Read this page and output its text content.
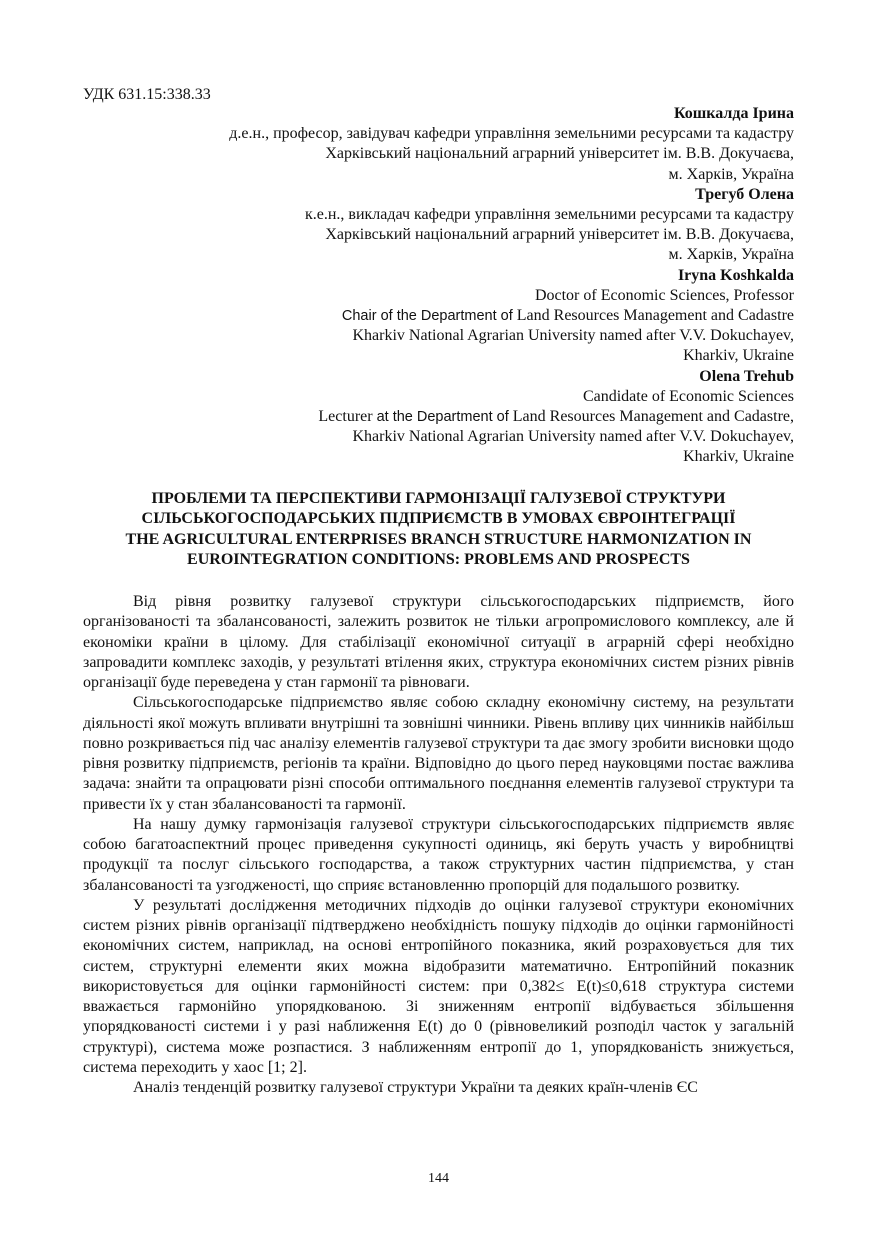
УДК 631.15:338.33
Кошкалда Ірина
д.е.н., професор, завідувач кафедри управління земельними ресурсами та кадастру
Харківський національний аграрний університет ім. В.В. Докучаєва,
м. Харків, Україна
Трегуб Олена
к.е.н., викладач кафедри управління земельними ресурсами та кадастру
Харківський національний аграрний університет ім. В.В. Докучаєва,
м. Харків, Україна
Iryna Koshkalda
Doctor of Economic Sciences, Professor
Chair of the Department of Land Resources Management and Cadastre
Kharkiv National Agrarian University named after V.V. Dokuchayev,
Kharkiv, Ukraine
Olena Trehub
Candidate of Economic Sciences
Lecturer at the Department of Land Resources Management and Cadastre,
Kharkiv National Agrarian University named after V.V. Dokuchayev,
Kharkiv, Ukraine
ПРОБЛЕМИ ТА ПЕРСПЕКТИВИ ГАРМОНІЗАЦІЇ ГАЛУЗЕВОЇ СТРУКТУРИ
СІЛЬСЬКОГОСПОДАРСЬКИХ ПІДПРИЄМСТВ В УМОВАХ ЄВРОІНТЕГРАЦІЇ
THE AGRICULTURAL ENTERPRISES BRANCH STRUCTURE HARMONIZATION IN
EUROINTEGRATION CONDITIONS: PROBLEMS AND PROSPECTS

Від рівня розвитку галузевої структури сільськогосподарських підприємств, його організованості та збалансованості, залежить розвиток не тільки агропромислового комплексу, але й економіки країни в цілому. Для стабілізації економічної ситуації в аграрній сфері необхідно запровадити комплекс заходів, у результаті втілення яких, структура економічних систем різних рівнів організації буде переведена у стан гармонії та рівноваги.

Сільськогосподарське підприємство являє собою складну економічну систему, на результати діяльності якої можуть впливати внутрішні та зовнішні чинники. Рівень впливу цих чинників найбільш повно розкривається під час аналізу елементів галузевої структури та дає змогу зробити висновки щодо рівня розвитку підприємств, регіонів та країни. Відповідно до цього перед науковцями постає важлива задача: знайти та опрацювати різні способи оптимального поєднання елементів галузевої структури та привести їх у стан збалансованості та гармонії.

На нашу думку гармонізація галузевої структури сільськогосподарських підприємств являє собою багатоаспектний процес приведення сукупності одиниць, які беруть участь у виробництві продукції та послуг сільського господарства, а також структурних частин підприємства, у стан збалансованості та узгодженості, що сприяє встановленню пропорцій для подальшого розвитку.

У результаті дослідження методичних підходів до оцінки галузевої структури економічних систем різних рівнів організації підтверджено необхідність пошуку підходів до оцінки гармонійності економічних систем, наприклад, на основі ентропійного показника, який розраховується для тих систем, структурні елементи яких можна відобразити математично. Ентропійний показник використовується для оцінки гармонійності систем: при 0,382≤ E(t)≤0,618 структура системи вважається гармонійно упорядкованою. Зі зниженням ентропії відбувається збільшення упорядкованості системи і у разі наближення E(t) до 0 (рівновеликий розподіл часток у загальній структурі), система може розпастися. З наближенням ентропії до 1, упорядкованість знижується, система переходить у хаос [1; 2].

Аналіз тенденцій розвитку галузевої структури України та деяких країн-членів ЄС

144
